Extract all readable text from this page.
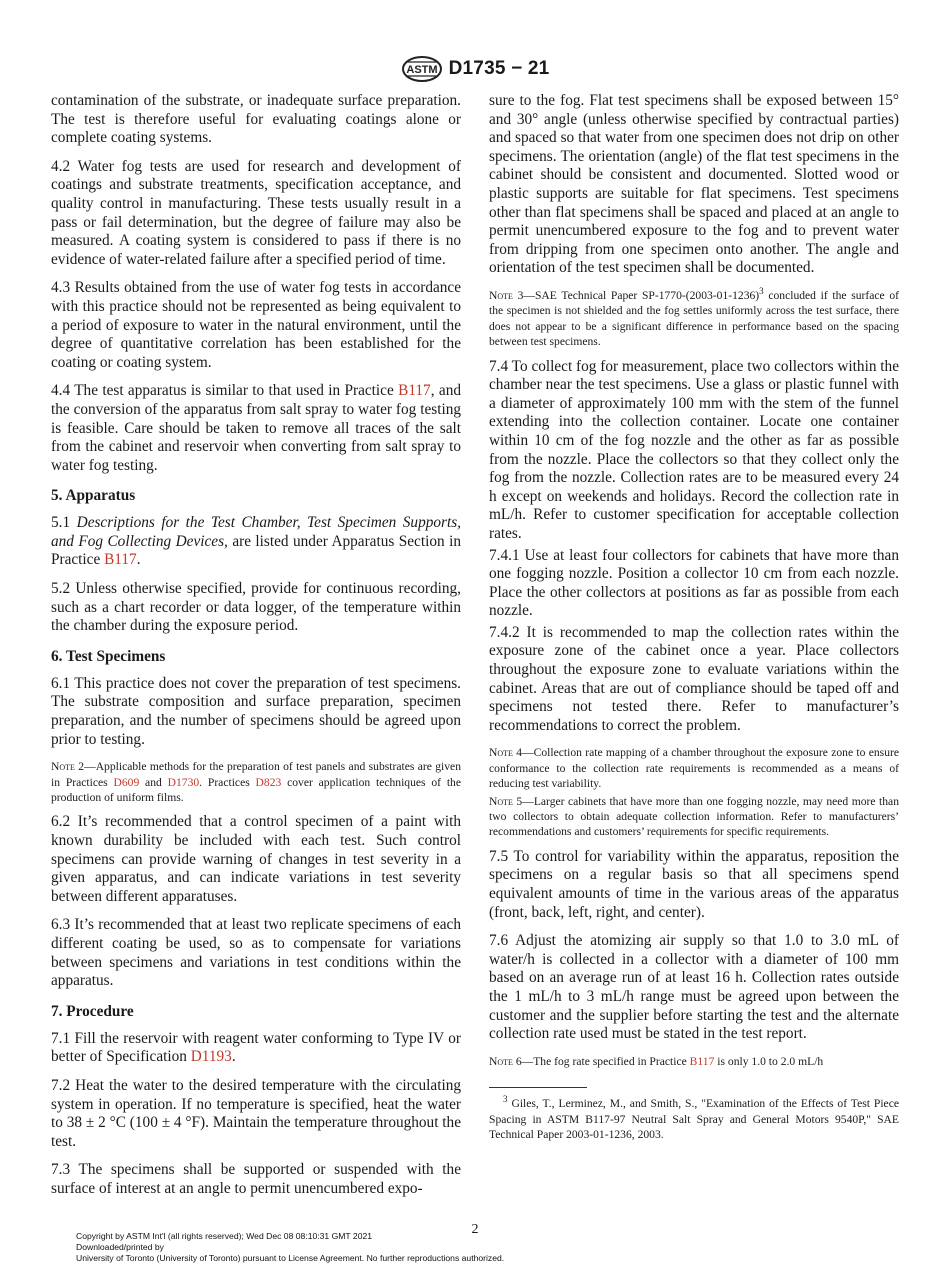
ASTM D1735 − 21

contamination of the substrate, or inadequate surface preparation. The test is therefore useful for evaluating coatings alone or complete coating systems.

4.2 Water fog tests are used for research and development of coatings and substrate treatments, specification acceptance, and quality control in manufacturing. These tests usually result in a pass or fail determination, but the degree of failure may also be measured. A coating system is considered to pass if there is no evidence of water-related failure after a specified period of time.

4.3 Results obtained from the use of water fog tests in accordance with this practice should not be represented as being equivalent to a period of exposure to water in the natural environment, until the degree of quantitative correlation has been established for the coating or coating system.

4.4 The test apparatus is similar to that used in Practice B117, and the conversion of the apparatus from salt spray to water fog testing is feasible. Care should be taken to remove all traces of the salt from the cabinet and reservoir when converting from salt spray to water fog testing.

5. Apparatus

5.1 Descriptions for the Test Chamber, Test Specimen Supports, and Fog Collecting Devices, are listed under Apparatus Section in Practice B117.

5.2 Unless otherwise specified, provide for continuous recording, such as a chart recorder or data logger, of the temperature within the chamber during the exposure period.

6. Test Specimens

6.1 This practice does not cover the preparation of test specimens. The substrate composition and surface preparation, specimen preparation, and the number of specimens should be agreed upon prior to testing.

Note 2—Applicable methods for the preparation of test panels and substrates are given in Practices D609 and D1730. Practices D823 cover application techniques of the production of uniform films.

6.2 It’s recommended that a control specimen of a paint with known durability be included with each test. Such control specimens can provide warning of changes in test severity in a given apparatus, and can indicate variations in test severity between different apparatuses.

6.3 It’s recommended that at least two replicate specimens of each different coating be used, so as to compensate for variations between specimens and variations in test conditions within the apparatus.

7. Procedure

7.1 Fill the reservoir with reagent water conforming to Type IV or better of Specification D1193.

7.2 Heat the water to the desired temperature with the circulating system in operation. If no temperature is specified, heat the water to 38 ± 2 °C (100 ± 4 °F). Maintain the temperature throughout the test.

7.3 The specimens shall be supported or suspended with the surface of interest at an angle to permit unencumbered expo-

sure to the fog. Flat test specimens shall be exposed between 15° and 30° angle (unless otherwise specified by contractual parties) and spaced so that water from one specimen does not drip on other specimens. The orientation (angle) of the flat test specimens in the cabinet should be consistent and documented. Slotted wood or plastic supports are suitable for flat specimens. Test specimens other than flat specimens shall be spaced and placed at an angle to permit unencumbered exposure to the fog and to prevent water from dripping from one specimen onto another. The angle and orientation of the test specimen shall be documented.

Note 3—SAE Technical Paper $SP-1770-(2003-01-1236)^3$ concluded if the surface of the specimen is not shielded and the fog settles uniformly across the test surface, there does not appear to be a significant difference in performance based on the spacing between test specimens.

7.4 To collect fog for measurement, place two collectors within the chamber near the test specimens. Use a glass or plastic funnel with a diameter of approximately 100 mm with the stem of the funnel extending into the collection container. Locate one container within 10 cm of the fog nozzle and the other as far as possible from the nozzle. Place the collectors so that they collect only the fog from the nozzle. Collection rates are to be measured every 24 h except on weekends and holidays. Record the collection rate in mL/h. Refer to customer specification for acceptable collection rates.

7.4.1 Use at least four collectors for cabinets that have more than one fogging nozzle. Position a collector 10 cm from each nozzle. Place the other collectors at positions as far as possible from each nozzle.

7.4.2 It is recommended to map the collection rates within the exposure zone of the cabinet once a year. Place collectors throughout the exposure zone to evaluate variations within the cabinet. Areas that are out of compliance should be taped off and specimens not tested there. Refer to manufacturer’s recommendations to correct the problem.

Note 4—Collection rate mapping of a chamber throughout the exposure zone to ensure conformance to the collection rate requirements is recommended as a means of reducing test variability.
Note 5—Larger cabinets that have more than one fogging nozzle, may need more than two collectors to obtain adequate collection information. Refer to manufacturers’ recommendations and customers’ requirements for specific requirements.

7.5 To control for variability within the apparatus, reposition the specimens on a regular basis so that all specimens spend equivalent amounts of time in the various areas of the apparatus (front, back, left, right, and center).

7.6 Adjust the atomizing air supply so that 1.0 to 3.0 mL of water/h is collected in a collector with a diameter of 100 mm based on an average run of at least 16 h. Collection rates outside the 1 mL/h to 3 mL/h range must be agreed upon between the customer and the supplier before starting the test and the alternate collection rate used must be stated in the test report.

Note 6—The fog rate specified in Practice B117 is only 1.0 to 2.0 mL/h

$^3$ Giles, T., Lerminez, M., and Smith, S., "Examination of the Effects of Test Piece Spacing in ASTM B117-97 Neutral Salt Spray and General Motors 9540P," SAE Technical Paper 2003-01-1236, 2003.

2
Copyright by ASTM Int'l (all rights reserved); Wed Dec 08 08:10:31 GMT 2021
Downloaded/printed by
University of Toronto (University of Toronto) pursuant to License Agreement. No further reproductions authorized.
